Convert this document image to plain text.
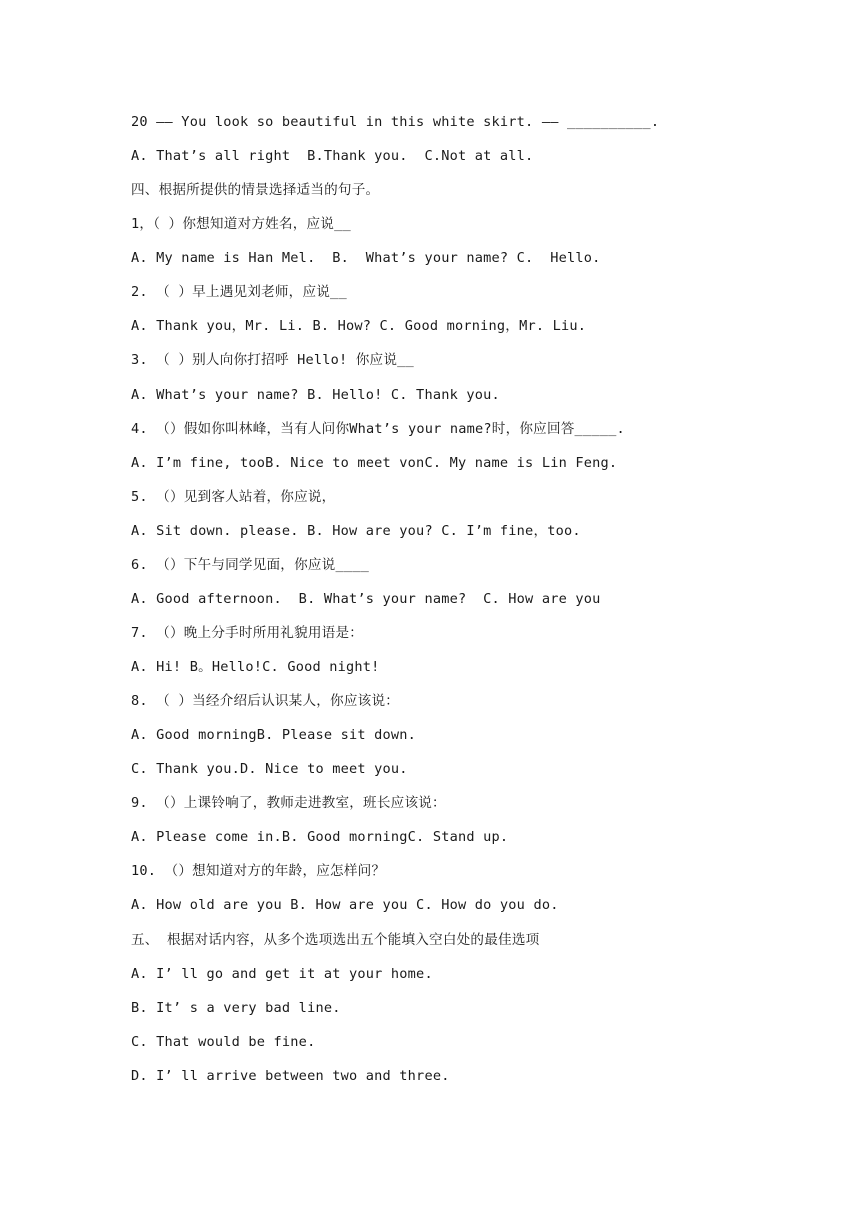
20 —— You look so beautiful in this white skirt. —— __________.
A. That’s all right  B.Thank you.  C.Not at all.
四、根据所提供的情景选择适当的句子。
1，（ ）你想知道对方姓名，应说__
A. My name is Han Mel.  B.  What’s your name? C.  Hello.
2. （ ）早上遇见刘老师，应说__
A. Thank you，Mr. Li. B. How? C. Good morning，Mr. Liu.
3. （ ）别人向你打招呼 Hello! 你应说__
A. What’s your name? B. Hello! C. Thank you.
4. （）假如你叫林峰，当有人问你What’s your name?时，你应回答_____.
A. I’m fine, tooB. Nice to meet vonC. My name is Lin Feng.
5. （）见到客人站着，你应说，
A. Sit down. please. B. How are you? C. I’m fine，too.
6. （）下午与同学见面，你应说____
A. Good afternoon.  B. What’s your name?  C. How are you
7. （）晚上分手时所用礼貌用语是：
A. Hi! B。Hello!C. Good night!
8. （ ）当经介绍后认识某人，你应该说：
A. Good morningB. Please sit down.
C. Thank you.D. Nice to meet you.
9. （）上课铃响了，教师走进教室，班长应该说：
A. Please come in.B. Good morningC. Stand up.
10. （）想知道对方的年龄，应怎样问？
A. How old are you B. How are you C. How do you do.
五、 根据对话内容，从多个选项选出五个能填入空白处的最佳选项
A. I’ ll go and get it at your home.
B. It’ s a very bad line.
C. That would be fine.
D. I’ ll arrive between two and three.
